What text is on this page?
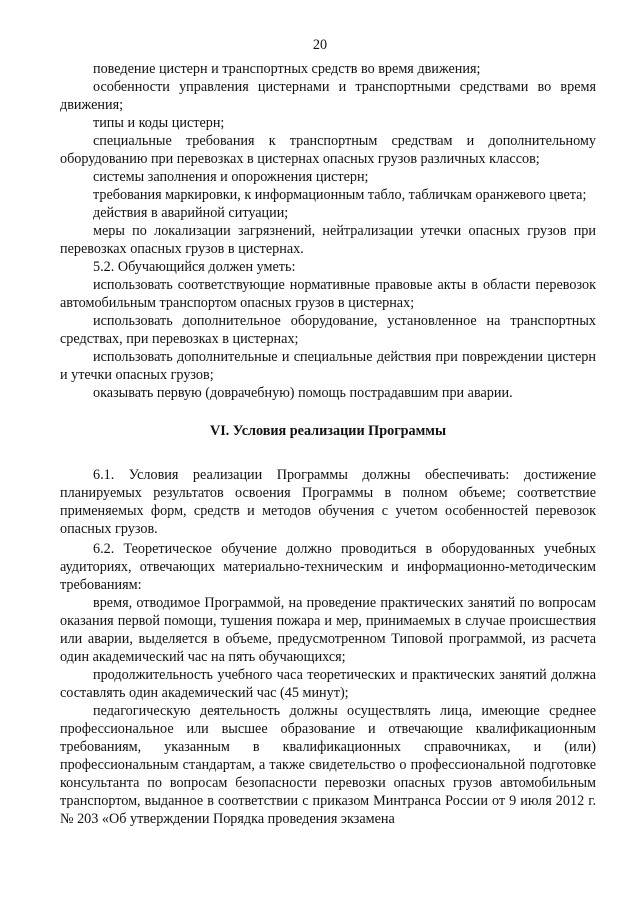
20

поведение цистерн и транспортных средств во время движения;

особенности управления цистернами и транспортными средствами во время движения;

типы и коды цистерн;

специальные требования к транспортным средствам и дополнительному оборудованию при перевозках в цистернах опасных грузов различных классов;

системы заполнения и опорожнения цистерн;

требования маркировки, к информационным табло, табличкам оранжевого цвета;

действия в аварийной ситуации;

меры по локализации загрязнений, нейтрализации утечки опасных грузов при перевозках опасных грузов в цистернах.

5.2. Обучающийся должен уметь:

использовать соответствующие нормативные правовые акты в области перевозок автомобильным транспортом опасных грузов в цистернах;

использовать дополнительное оборудование, установленное на транспортных средствах, при перевозках в цистернах;

использовать дополнительные и специальные действия при повреждении цистерн и утечки опасных грузов;

оказывать первую (доврачебную) помощь пострадавшим при аварии.

VI. Условия реализации Программы

6.1. Условия реализации Программы должны обеспечивать: достижение планируемых результатов освоения Программы в полном объеме; соответствие применяемых форм, средств и методов обучения с учетом особенностей перевозок опасных грузов.

6.2. Теоретическое обучение должно проводиться в оборудованных учебных аудиториях, отвечающих материально-техническим и информационно-методическим требованиям:

время, отводимое Программой, на проведение практических занятий по вопросам оказания первой помощи, тушения пожара и мер, принимаемых в случае происшествия или аварии, выделяется в объеме, предусмотренном Типовой программой, из расчета один академический час на пять обучающихся;

продолжительность учебного часа теоретических и практических занятий должна составлять один академический час (45 минут);

педагогическую деятельность должны осуществлять лица, имеющие среднее профессиональное или высшее образование и отвечающие квалификационным требованиям, указанным в квалификационных справочниках, и (или) профессиональным стандартам, а также свидетельство о профессиональной подготовке консультанта по вопросам безопасности перевозки опасных грузов автомобильным транспортом, выданное в соответствии с приказом Минтранса России от 9 июля 2012 г. № 203 «Об утверждении Порядка проведения экзамена
